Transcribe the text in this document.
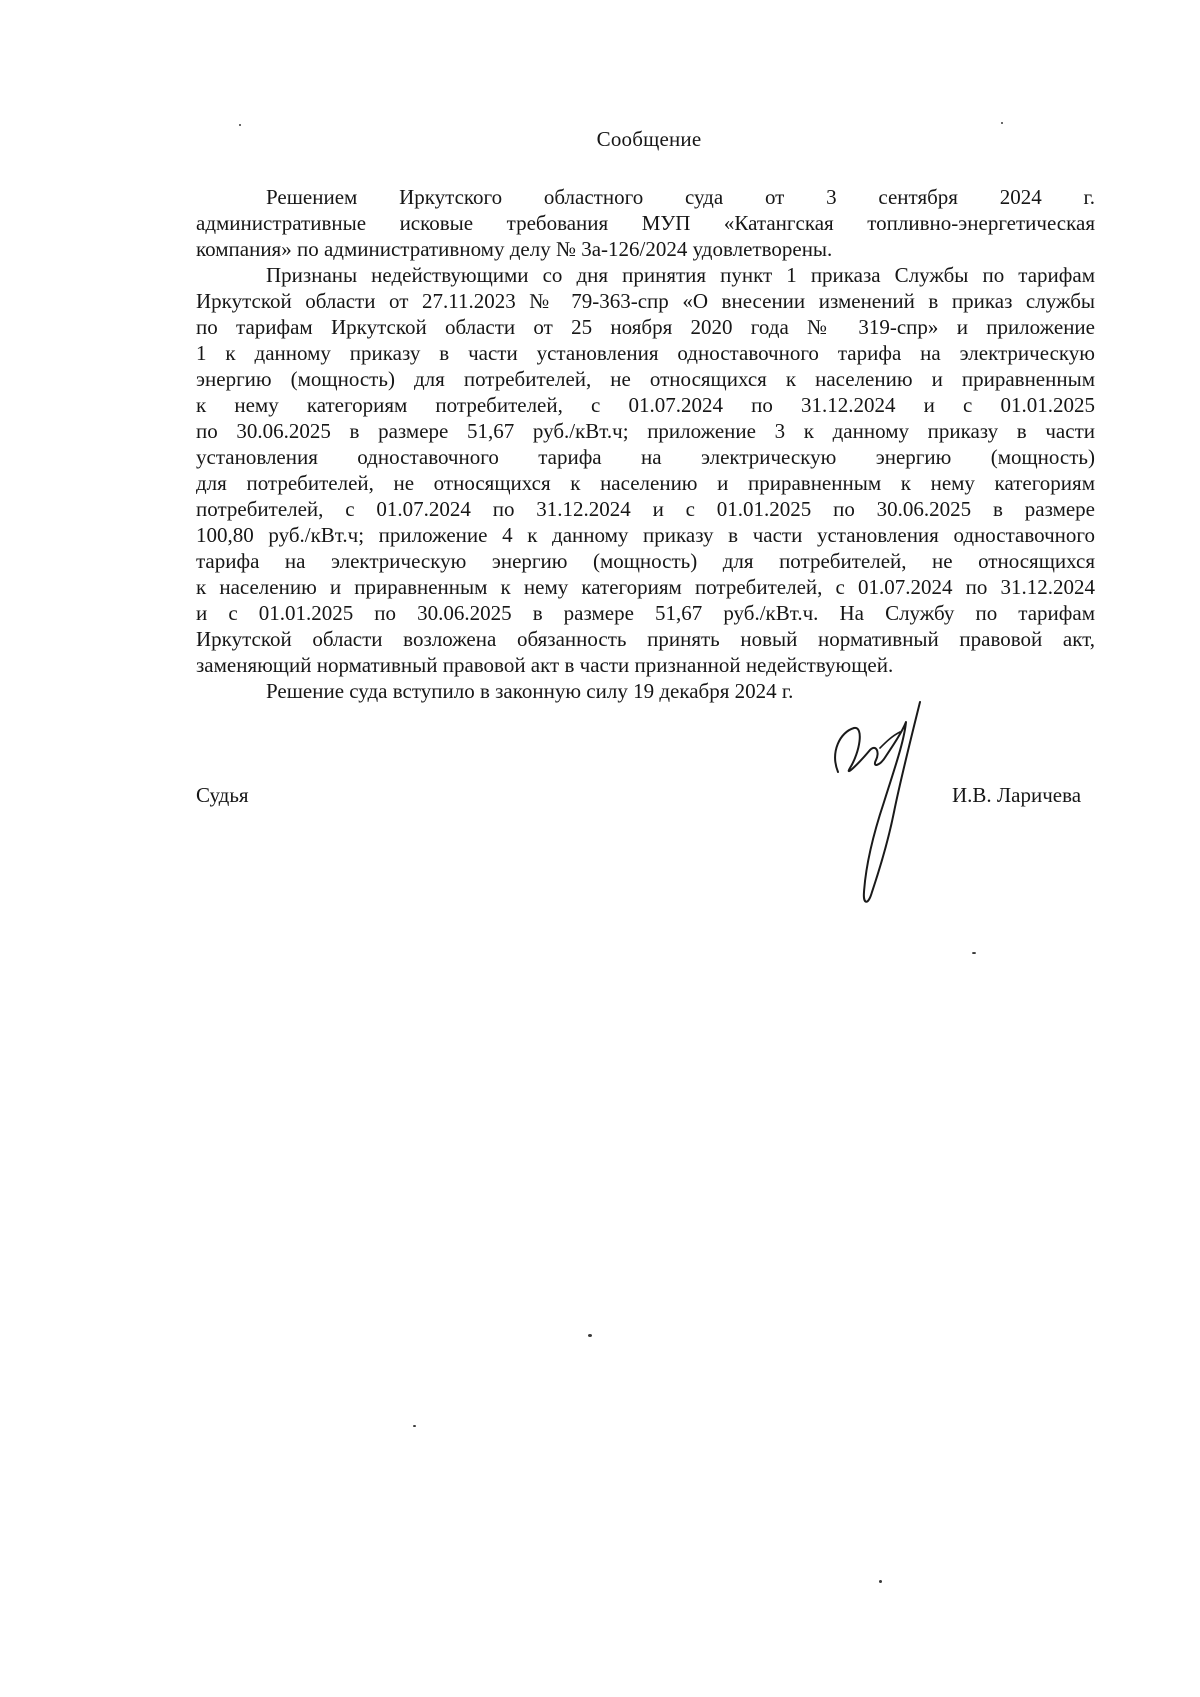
Сообщение
Решением Иркутского областного суда от 3 сентября 2024 г.
административные исковые требования МУП «Катангская топливно-энергетическая
компания» по административному делу № 3а-126/2024 удовлетворены.
Признаны недействующими со дня принятия пункт 1 приказа Службы по тарифам
Иркутской области от 27.11.2023 № 79-363-спр «О внесении изменений в приказ службы
по тарифам Иркутской области от 25 ноября 2020 года № 319-спр» и приложение
1 к данному приказу в части установления одноставочного тарифа на электрическую
энергию (мощность) для потребителей, не относящихся к населению и приравненным
к нему категориям потребителей, с 01.07.2024 по 31.12.2024 и с 01.01.2025
по 30.06.2025 в размере 51,67 руб./кВт.ч; приложение 3 к данному приказу в части
установления одноставочного тарифа на электрическую энергию (мощность)
для потребителей, не относящихся к населению и приравненным к нему категориям
потребителей, с 01.07.2024 по 31.12.2024 и с 01.01.2025 по 30.06.2025 в размере
100,80 руб./кВт.ч; приложение 4 к данному приказу в части установления одноставочного
тарифа на электрическую энергию (мощность) для потребителей, не относящихся
к населению и приравненным к нему категориям потребителей, с 01.07.2024 по 31.12.2024
и с 01.01.2025 по 30.06.2025 в размере 51,67 руб./кВт.ч. На Службу по тарифам
Иркутской области возложена обязанность принять новый нормативный правовой акт,
заменяющий нормативный правовой акт в части признанной недействующей.
Решение суда вступило в законную силу 19 декабря 2024 г.
Судья	И.В. Ларичева
